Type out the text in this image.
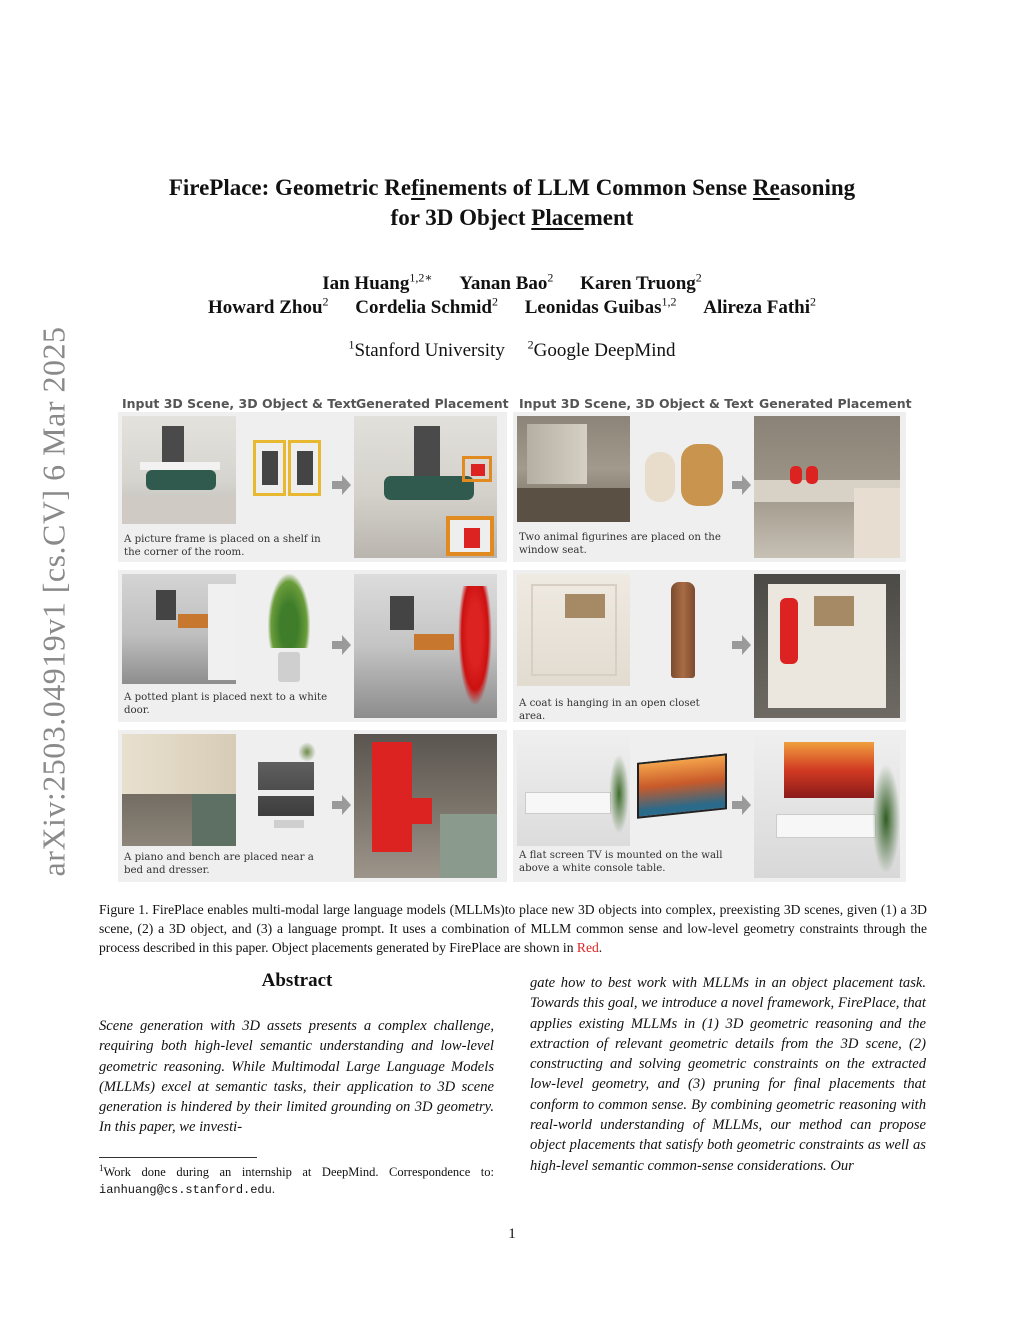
arXiv:2503.04919v1 [cs.CV] 6 Mar 2025
FirePlace: Geometric Refinements of LLM Common Sense Reasoning
for 3D Object Placement
Ian Huang$^{1,2∗}$ Yanan Bao$^2$ Karen Truong$^2$
Howard Zhou$^2$ Cordelia Schmid$^2$ Leonidas Guibas$^{1,2}$ Alireza Fathi$^2$
$^1$Stanford University $^2$Google DeepMind
Input 3D Scene, 3D Object & Text Generated Placement Input 3D Scene, 3D Object & Text Generated Placement
A picture frame is placed on a shelf in the corner of the room.
Two animal figurines are placed on the window seat.
A potted plant is placed next to a white door.
A coat is hanging in an open closet area.
A piano and bench are placed near a bed and dresser.
A flat screen TV is mounted on the wall above a white console table.
Figure 1. FirePlace enables multi-modal large language models (MLLMs)to place new 3D objects into complex, preexisting 3D scenes, given (1) a 3D scene, (2) a 3D object, and (3) a language prompt. It uses a combination of MLLM common sense and low-level geometry constraints through the process described in this paper. Object placements generated by FirePlace are shown in Red.
Abstract
Scene generation with 3D assets presents a complex challenge, requiring both high-level semantic understanding and low-level geometric reasoning. While Multimodal Large Language Models (MLLMs) excel at semantic tasks, their application to 3D scene generation is hindered by their limited grounding on 3D geometry. In this paper, we investi-
gate how to best work with MLLMs in an object placement task. Towards this goal, we introduce a novel framework, FirePlace, that applies existing MLLMs in (1) 3D geometric reasoning and the extraction of relevant geometric details from the 3D scene, (2) constructing and solving geometric constraints on the extracted low-level geometry, and (3) pruning for final placements that conform to common sense. By combining geometric reasoning with real-world understanding of MLLMs, our method can propose object placements that satisfy both geometric constraints as well as high-level semantic common-sense considerations. Our
$^1$Work done during an internship at DeepMind. Correspondence to: ianhuang@cs.stanford.edu.
1
